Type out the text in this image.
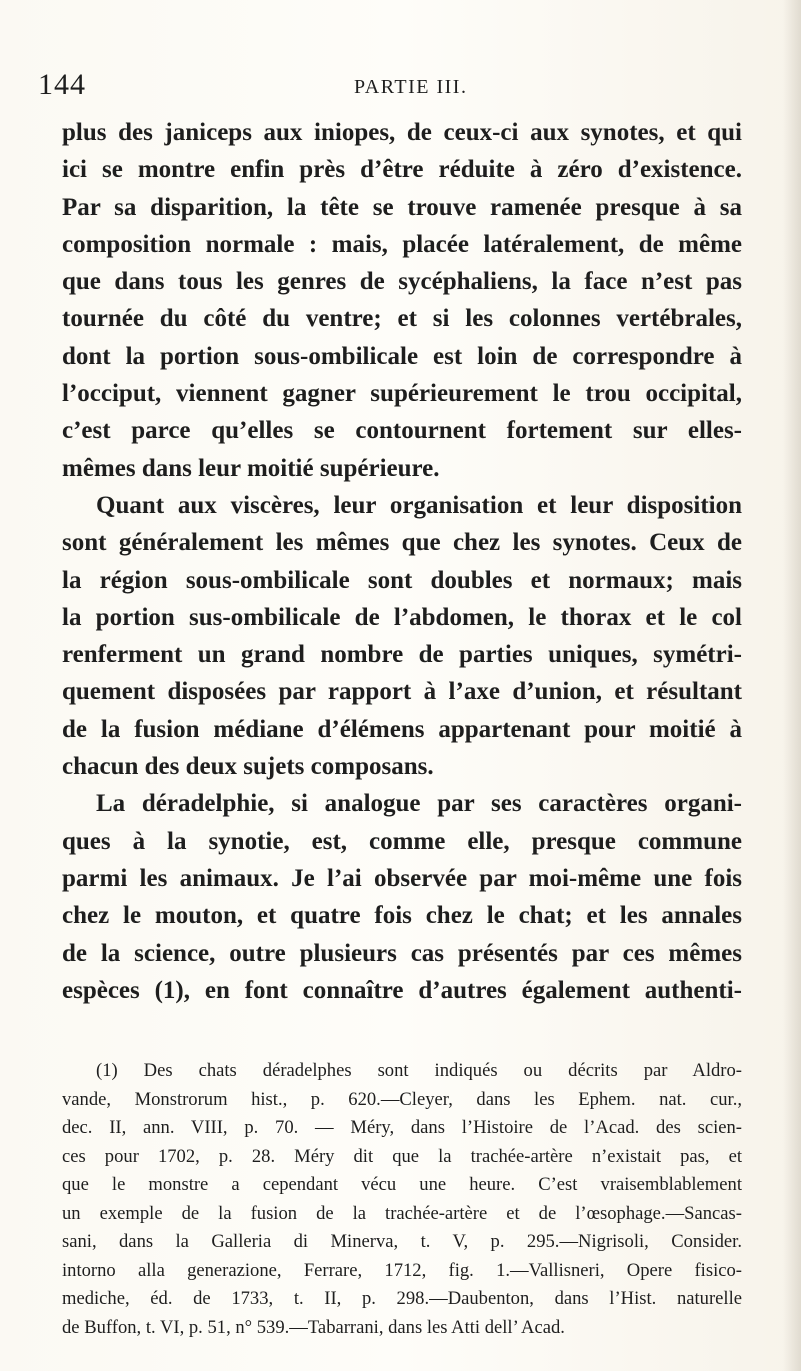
144	PARTIE III.
plus des janiceps aux iniopes, de ceux-ci aux synotes, et qui
ici se montre enfin près d’être réduite à zéro d’existence.
Par sa disparition, la tête se trouve ramenée presque à sa
composition normale : mais, placée latéralement, de même
que dans tous les genres de sycéphaliens, la face n’est pas
tournée du côté du ventre; et si les colonnes vertébrales,
dont la portion sous-ombilicale est loin de correspondre à
l’occiput, viennent gagner supérieurement le trou occipital,
c’est parce qu’elles se contournent fortement sur elles-
mêmes dans leur moitié supérieure.
Quant aux viscères, leur organisation et leur disposition
sont généralement les mêmes que chez les synotes. Ceux de
la région sous-ombilicale sont doubles et normaux; mais
la portion sus-ombilicale de l’abdomen, le thorax et le col
renferment un grand nombre de parties uniques, symétri-
quement disposées par rapport à l’axe d’union, et résultant
de la fusion médiane d’élémens appartenant pour moitié à
chacun des deux sujets composans.
La déradelphie, si analogue par ses caractères organi-
ques à la synotie, est, comme elle, presque commune
parmi les animaux. Je l’ai observée par moi-même une fois
chez le mouton, et quatre fois chez le chat; et les annales
de la science, outre plusieurs cas présentés par ces mêmes
espèces (1), en font connaître d’autres également authenti-
(1) Des chats déradelphes sont indiqués ou décrits par Aldro-
vande, Monstrorum hist., p. 620.—Cleyer, dans les Ephem. nat. cur.,
dec. II, ann. VIII, p. 70. — Méry, dans l’Histoire de l’Acad. des scien-
ces pour 1702, p. 28. Méry dit que la trachée-artère n’existait pas, et
que le monstre a cependant vécu une heure. C’est vraisemblablement
un exemple de la fusion de la trachée-artère et de l’œsophage.—Sancas-
sani, dans la Galleria di Minerva, t. V, p. 295.—Nigrisoli, Consider.
intorno alla generazione, Ferrare, 1712, fig. 1.—Vallisneri, Opere fisico-
mediche, éd. de 1733, t. II, p. 298.—Daubenton, dans l’Hist. naturelle
de Buffon, t. VI, p. 51, n° 539.—Tabarrani, dans les Atti dell’ Acad.
